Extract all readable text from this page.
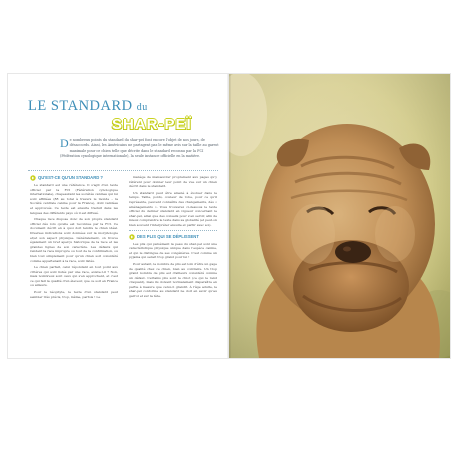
LE STANDARD du
SHAR-PEÏ
D e nombreux points du standard du shar-peï font encore l'objet de nos jours, de désaccords. Ainsi, les Américains ne partagent pas le même avis sur la taille au garrot maximale pour ce chien telle que décrite dans le standard reconnu par la FCI (Fédération cynologique internationale), la seule instance officielle en la matière.
QU'EST-CE QU'UN STANDARD ?

Le standard est une référence. Il s'agit d'un texte officiel par la FCI (Fédération cynologique internationale), chapeautant les sociétés canines qui lui sont affiliées (88 au total à travers le monde – la Société centrale canine pour la France), dont validées et approuvés. Ce texte est ensuite traduit dans les langues des différents pays où il est diffusé.

Chaque race dispose donc de son propre standard officiel dès lors qu'elle est reconnue par la FCI. Ce document décrit en à quoi doit tendre le chien idéal. Diverses indications sont données sur la morphologie et/et son aspect physique. Généralement, on trouve également un bref aperçu historique de la race et les grandes lignes de son caractère. Les défauts qui rendent la race impropre ou tout de la confirmation, ou bien tout simplement pour qu'un chien soit considéré comme appartenant à la race, sont listés.

Le chien parfait, celui répondant en tout point aux critères qui sont listés par une race, existe-t-il ? Non, mais nombreux sont ceux qui s'en approchent, et c'est ce qui fait la qualité d'un éleveur, que ce soit en France ou ailleurs.

Pour le néophyte, le texte d'un standard peut sembler très précis, trop, même, parfois ! Le

manège de manœuvrer proprement aux pages qu'y réfèrent pour donner leur point de vue sur un chien décrit dans le standard.

Un standard peut être amené à évoluer dans le temps. Taille, poids, couleur de robe, pour ce qu'il représente, peuvent connaître des changements, dès « aménagements ». Vous trouverez ci-dessous le texte officiel du dernier standard en vigueur concernant le shar-peï, ainsi que des conseils pour s'en servir, afin de mieux comprendre le texte dans sa globalité (et peut-on bien souvent l'interpréter ensuite et partir avec soi).

DES PLIS QUI SE DÉPLISSENT

Les plis qui parsèment la peau du shar-peï sont une caractéristique physique unique dans l'espèce canine, et qui le distingue de ses congénères. C'est comme un pyjama qui serait trop grand pour lui !

Pour autant, le nombre de plis est loin d'être un gage de qualité chez ce chien, bien au contraire. Un trop grand nombre de plis est d'ailleurs considéré comme un défaut. Certains plis sont le chiot (ce qui le rend craquant), mais ils doivent normalement disparaître en partie à mesure que celui-ci grandit. À l'âge adulte, le shar-peï conforme au standard ne doit en avoir qu'au garrot et sur la tête.
